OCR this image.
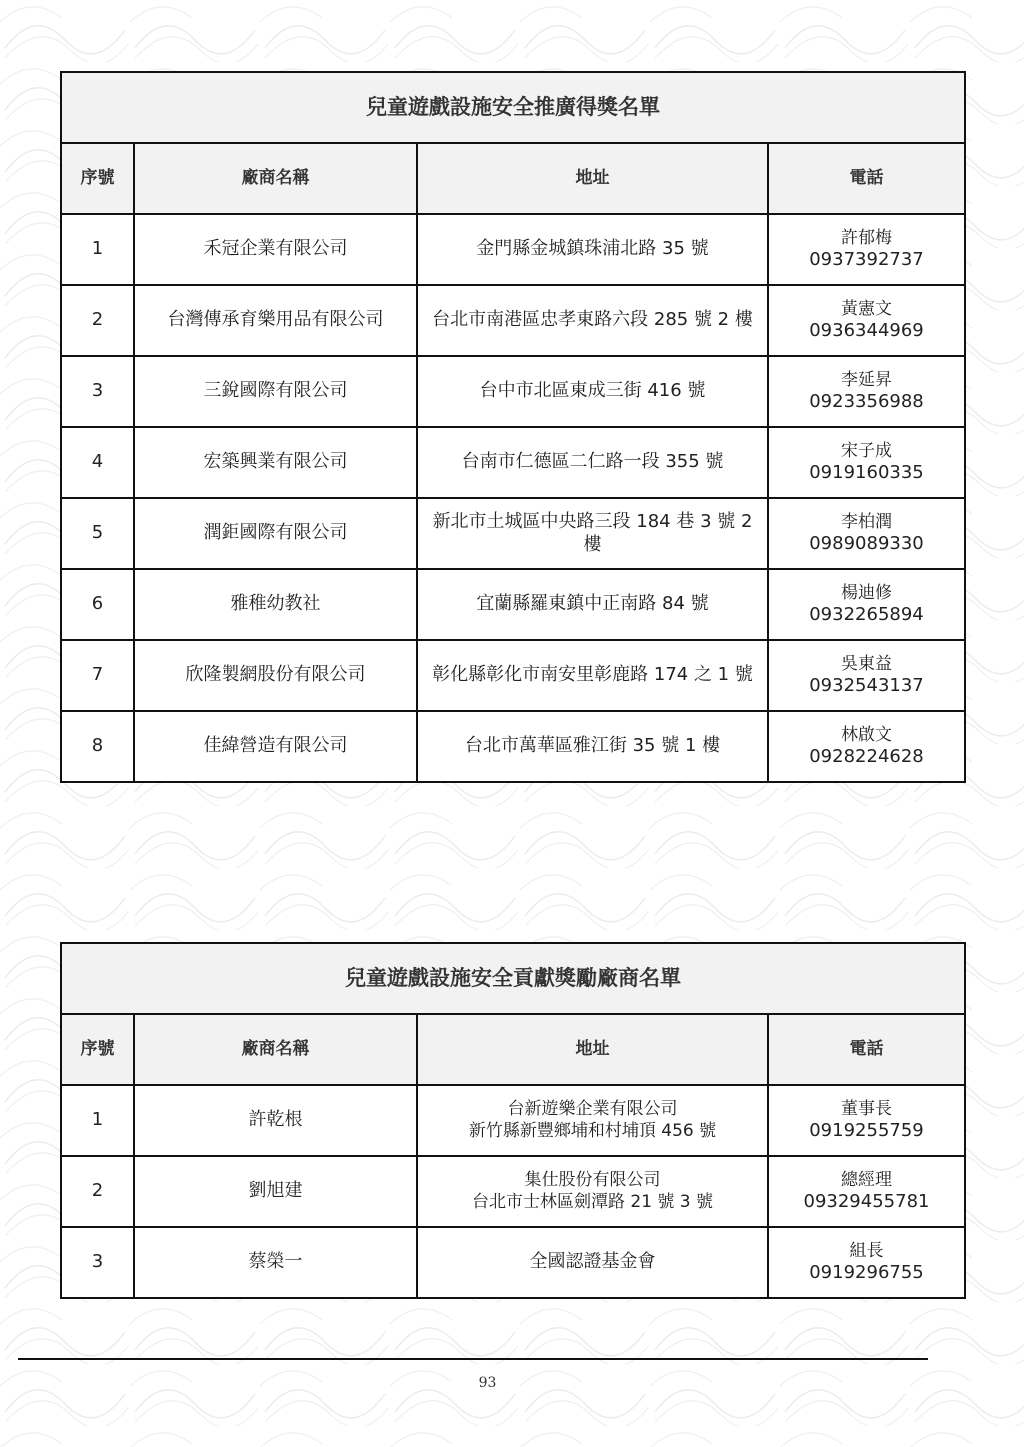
兒童遊戲設施安全推廣得獎名單			
序號	廠商名稱	地址	電話
1	禾冠企業有限公司	金門縣金城鎮珠浦北路 35 號	許郁梅
0937392737

2	台灣傳承育樂用品有限公司	台北市南港區忠孝東路六段 285 號 2 樓	黃憲文
0936344969

3	三銳國際有限公司	台中市北區東成三街 416 號	李延昇
0923356988

4	宏築興業有限公司	台南市仁德區二仁路一段 355 號	宋子成
0919160335

5	潤鉅國際有限公司	新北市土城區中央路三段 184 巷 3 號 2樓	李柏潤
0989089330

6	雅稚幼教社	宜蘭縣羅東鎮中正南路 84 號	楊迪修
0932265894

7	欣隆製網股份有限公司	彰化縣彰化市南安里彰鹿路 174 之 1 號	吳東益
0932543137

8	佳緯營造有限公司	台北市萬華區雅江街 35 號 1 樓	林啟文
0928224628
兒童遊戲設施安全貢獻獎勵廠商名單			
序號	廠商名稱	地址	電話
1	許乾根	台新遊樂企業有限公司
新竹縣新豐鄉埔和村埔頂 456 號	董事長
0919255759

2	劉旭建	集仕股份有限公司
台北市士林區劍潭路 21 號 3 號	總經理
09329455781

3	蔡榮一	全國認證基金會	組長
0919296755
93
